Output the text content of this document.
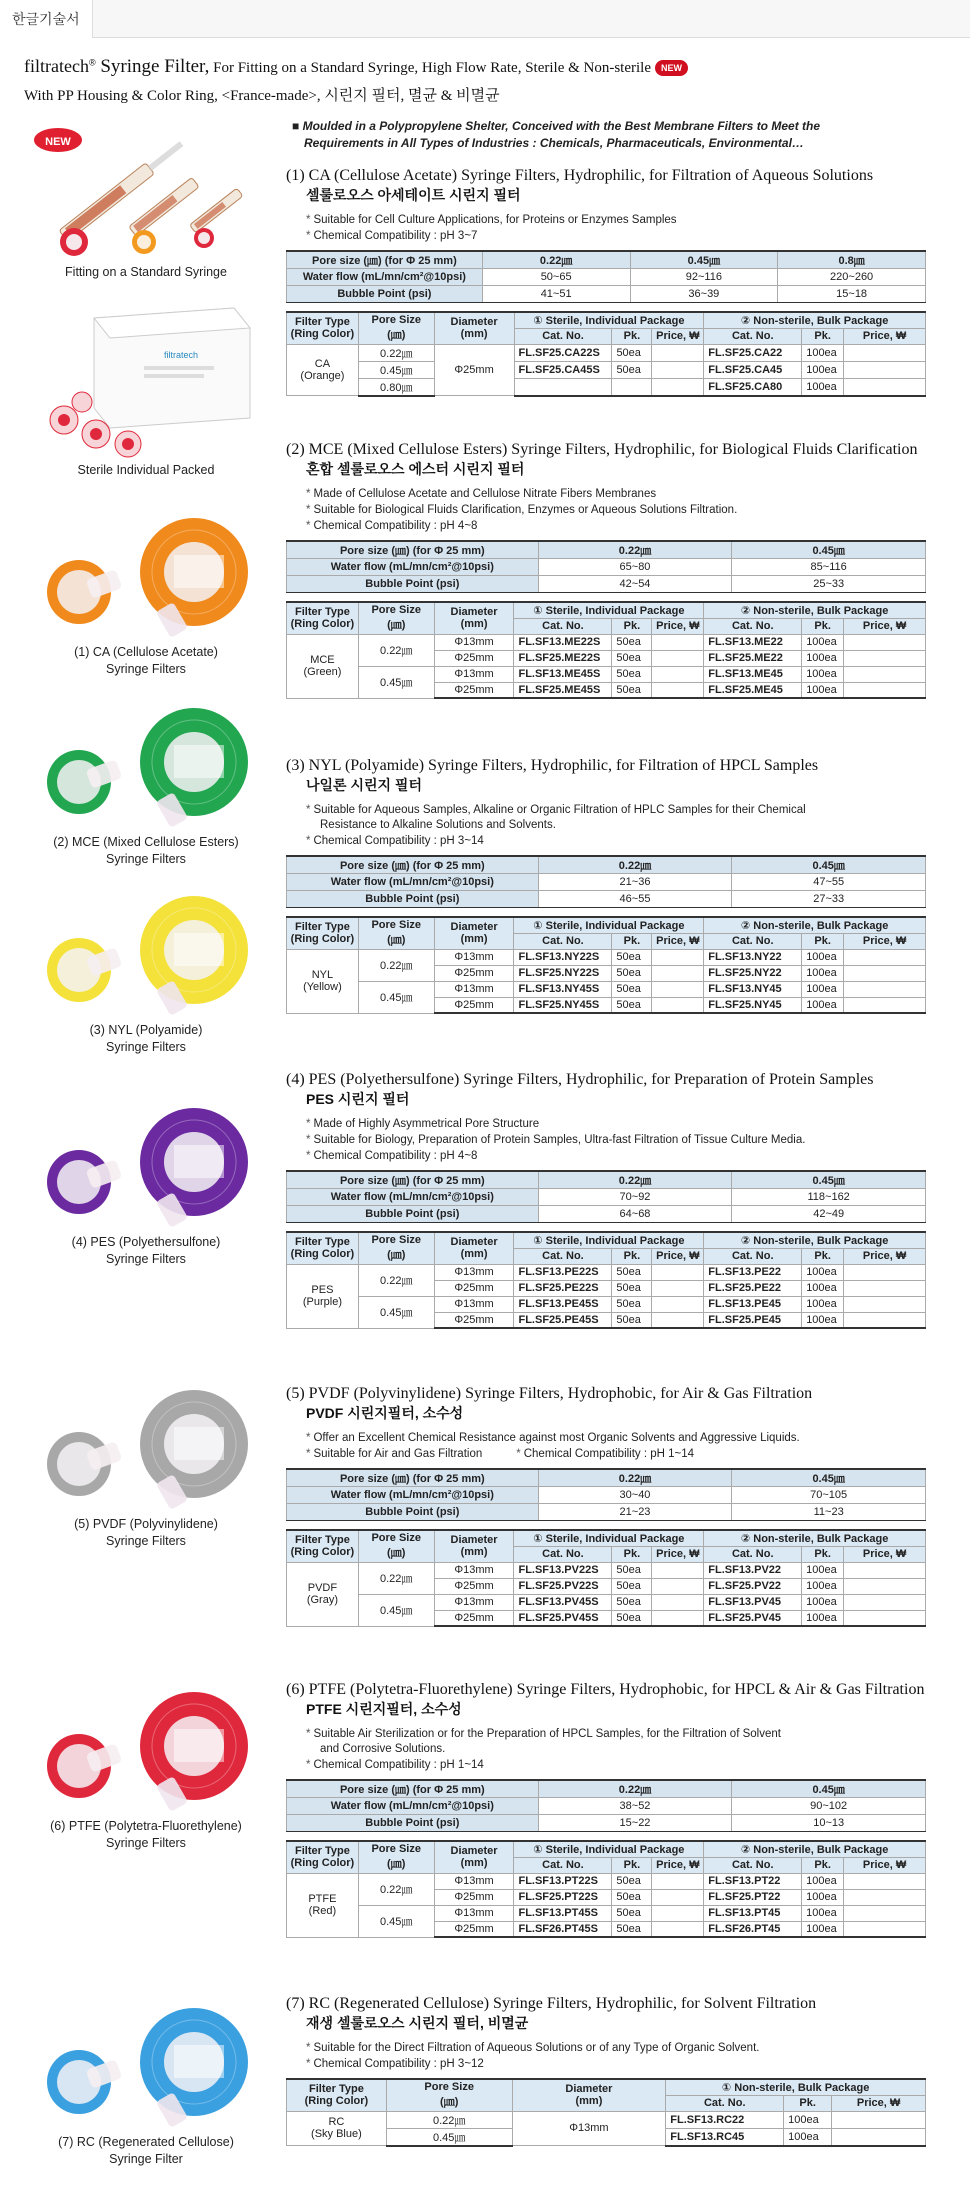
한글기술서
filtratech® Syringe Filter, For Fitting on a Standard Syringe, High Flow Rate, Sterile & Non-sterile NEW
With PP Housing & Color Ring, <France-made>, 시린지 필터, 멸균 & 비멸균
■ Moulded in a Polypropylene Shelter, Conceived with the Best Membrane Filters to Meet the
Requirements in All Types of Industries : Chemicals, Pharmaceuticals, Environmental…
NEW
Fitting on a Standard Syringe
filtratech
Sterile Individual Packed
(1) CA (Cellulose Acetate)
Syringe Filters
(2) MCE (Mixed Cellulose Esters)
Syringe Filters
(3) NYL (Polyamide)
Syringe Filters
(4) PES (Polyethersulfone)
Syringe Filters
(5) PVDF (Polyvinylidene)
Syringe Filters
(6) PTFE (Polytetra-Fluorethylene)
Syringe Filters
(7) RC (Regenerated Cellulose)
Syringe Filter
(1) CA (Cellulose Acetate) Syringe Filters, Hydrophilic, for Filtration of Aqueous Solutions
셀룰로오스 아세테이트 시린지 필터
* Suitable for Cell Culture Applications, for Proteins or Enzymes Samples
* Chemical Compatibility : pH 3~7
Pore size (㎛) (for Φ 25 mm)	0.22㎛	0.45㎛	0.8㎛
Water flow (mL/mn/cm²@10psi)	50~65	92~116	220~260
Bubble Point (psi)	41~51	36~39	15~18
Filter Type
(Ring Color)	Pore Size
(㎛)	Diameter
(mm)	① Sterile, Individual Package	② Non-sterile, Bulk Package
Cat. No.	Pk.	Price, ₩	Cat. No.	Pk.	Price, ₩
CA
(Orange)	0.22㎛	Φ25mm	FL.SF25.CA22S	50ea		FL.SF25.CA22	100ea	
0.45㎛	FL.SF25.CA45S	50ea		FL.SF25.CA45	100ea	
0.80㎛				FL.SF25.CA80	100ea	
(2) MCE (Mixed Cellulose Esters) Syringe Filters, Hydrophilic, for Biological Fluids Clarification
혼합 셀룰로오스 에스터 시린지 필터
* Made of Cellulose Acetate and Cellulose Nitrate Fibers Membranes
* Suitable for Biological Fluids Clarification, Enzymes or Aqueous Solutions Filtration.
* Chemical Compatibility : pH 4~8
Pore size (㎛) (for Φ 25 mm)	0.22㎛	0.45㎛
Water flow (mL/mn/cm²@10psi)	65~80	85~116
Bubble Point (psi)	42~54	25~33
Filter Type
(Ring Color)	Pore Size
(㎛)	Diameter
(mm)	① Sterile, Individual Package	② Non-sterile, Bulk Package
Cat. No.	Pk.	Price, ₩	Cat. No.	Pk.	Price, ₩
MCE
(Green)	0.22㎛	Φ13mm	FL.SF13.ME22S	50ea		FL.SF13.ME22	100ea	
Φ25mm	FL.SF25.ME22S	50ea		FL.SF25.ME22	100ea	
0.45㎛	Φ13mm	FL.SF13.ME45S	50ea		FL.SF13.ME45	100ea	
Φ25mm	FL.SF25.ME45S	50ea		FL.SF25.ME45	100ea	
(3) NYL (Polyamide) Syringe Filters, Hydrophilic, for Filtration of HPCL Samples
나일론 시린지 필터
* Suitable for Aqueous Samples, Alkaline or Organic Filtration of HPLC Samples for their Chemical
Resistance to Alkaline Solutions and Solvents.
* Chemical Compatibility : pH 3~14
Pore size (㎛) (for Φ 25 mm)	0.22㎛	0.45㎛
Water flow (mL/mn/cm²@10psi)	21~36	47~55
Bubble Point (psi)	46~55	27~33
Filter Type
(Ring Color)	Pore Size
(㎛)	Diameter
(mm)	① Sterile, Individual Package	② Non-sterile, Bulk Package
Cat. No.	Pk.	Price, ₩	Cat. No.	Pk.	Price, ₩
NYL
(Yellow)	0.22㎛	Φ13mm	FL.SF13.NY22S	50ea		FL.SF13.NY22	100ea	
Φ25mm	FL.SF25.NY22S	50ea		FL.SF25.NY22	100ea	
0.45㎛	Φ13mm	FL.SF13.NY45S	50ea		FL.SF13.NY45	100ea	
Φ25mm	FL.SF25.NY45S	50ea		FL.SF25.NY45	100ea	
(4) PES (Polyethersulfone) Syringe Filters, Hydrophilic, for Preparation of Protein Samples
PES 시린지 필터
* Made of Highly Asymmetrical Pore Structure
* Suitable for Biology, Preparation of Protein Samples, Ultra-fast Filtration of Tissue Culture Media.
* Chemical Compatibility : pH 4~8
Pore size (㎛) (for Φ 25 mm)	0.22㎛	0.45㎛
Water flow (mL/mn/cm²@10psi)	70~92	118~162
Bubble Point (psi)	64~68	42~49
Filter Type
(Ring Color)	Pore Size
(㎛)	Diameter
(mm)	① Sterile, Individual Package	② Non-sterile, Bulk Package
Cat. No.	Pk.	Price, ₩	Cat. No.	Pk.	Price, ₩
PES
(Purple)	0.22㎛	Φ13mm	FL.SF13.PE22S	50ea		FL.SF13.PE22	100ea	
Φ25mm	FL.SF25.PE22S	50ea		FL.SF25.PE22	100ea	
0.45㎛	Φ13mm	FL.SF13.PE45S	50ea		FL.SF13.PE45	100ea	
Φ25mm	FL.SF25.PE45S	50ea		FL.SF25.PE45	100ea	
(5) PVDF (Polyvinylidene) Syringe Filters, Hydrophobic, for Air & Gas Filtration
PVDF 시린지필터, 소수성
* Offer an Excellent Chemical Resistance against most Organic Solvents and Aggressive Liquids.
* Suitable for Air and Gas Filtration	* Chemical Compatibility : pH 1~14
Pore size (㎛) (for Φ 25 mm)	0.22㎛	0.45㎛
Water flow (mL/mn/cm²@10psi)	30~40	70~105
Bubble Point (psi)	21~23	11~23
Filter Type
(Ring Color)	Pore Size
(㎛)	Diameter
(mm)	① Sterile, Individual Package	② Non-sterile, Bulk Package
Cat. No.	Pk.	Price, ₩	Cat. No.	Pk.	Price, ₩
PVDF
(Gray)	0.22㎛	Φ13mm	FL.SF13.PV22S	50ea		FL.SF13.PV22	100ea	
Φ25mm	FL.SF25.PV22S	50ea		FL.SF25.PV22	100ea	
0.45㎛	Φ13mm	FL.SF13.PV45S	50ea		FL.SF13.PV45	100ea	
Φ25mm	FL.SF25.PV45S	50ea		FL.SF25.PV45	100ea	
(6) PTFE (Polytetra-Fluorethylene) Syringe Filters, Hydrophobic, for HPCL & Air & Gas Filtration
PTFE 시린지필터, 소수성
* Suitable Air Sterilization or for the Preparation of HPCL Samples, for the Filtration of Solvent
and Corrosive Solutions.
* Chemical Compatibility : pH 1~14
Pore size (㎛) (for Φ 25 mm)	0.22㎛	0.45㎛
Water flow (mL/mn/cm²@10psi)	38~52	90~102
Bubble Point (psi)	15~22	10~13
Filter Type
(Ring Color)	Pore Size
(㎛)	Diameter
(mm)	① Sterile, Individual Package	② Non-sterile, Bulk Package
Cat. No.	Pk.	Price, ₩	Cat. No.	Pk.	Price, ₩
PTFE
(Red)	0.22㎛	Φ13mm	FL.SF13.PT22S	50ea		FL.SF13.PT22	100ea	
Φ25mm	FL.SF25.PT22S	50ea		FL.SF25.PT22	100ea	
0.45㎛	Φ13mm	FL.SF13.PT45S	50ea		FL.SF13.PT45	100ea	
Φ25mm	FL.SF26.PT45S	50ea		FL.SF26.PT45	100ea	
(7) RC (Regenerated Cellulose) Syringe Filters, Hydrophilic, for Solvent Filtration
재생 셀룰로오스 시린지 필터, 비멸균
* Suitable for the Direct Filtration of Aqueous Solutions or of any Type of Organic Solvent.
* Chemical Compatibility : pH 3~12
Filter Type
(Ring Color)	Pore Size
(㎛)	Diameter
(mm)	① Non-sterile, Bulk Package
Cat. No.	Pk.	Price, ₩
RC
(Sky Blue)	0.22㎛	Φ13mm	FL.SF13.RC22	100ea	
0.45㎛	FL.SF13.RC45	100ea	
